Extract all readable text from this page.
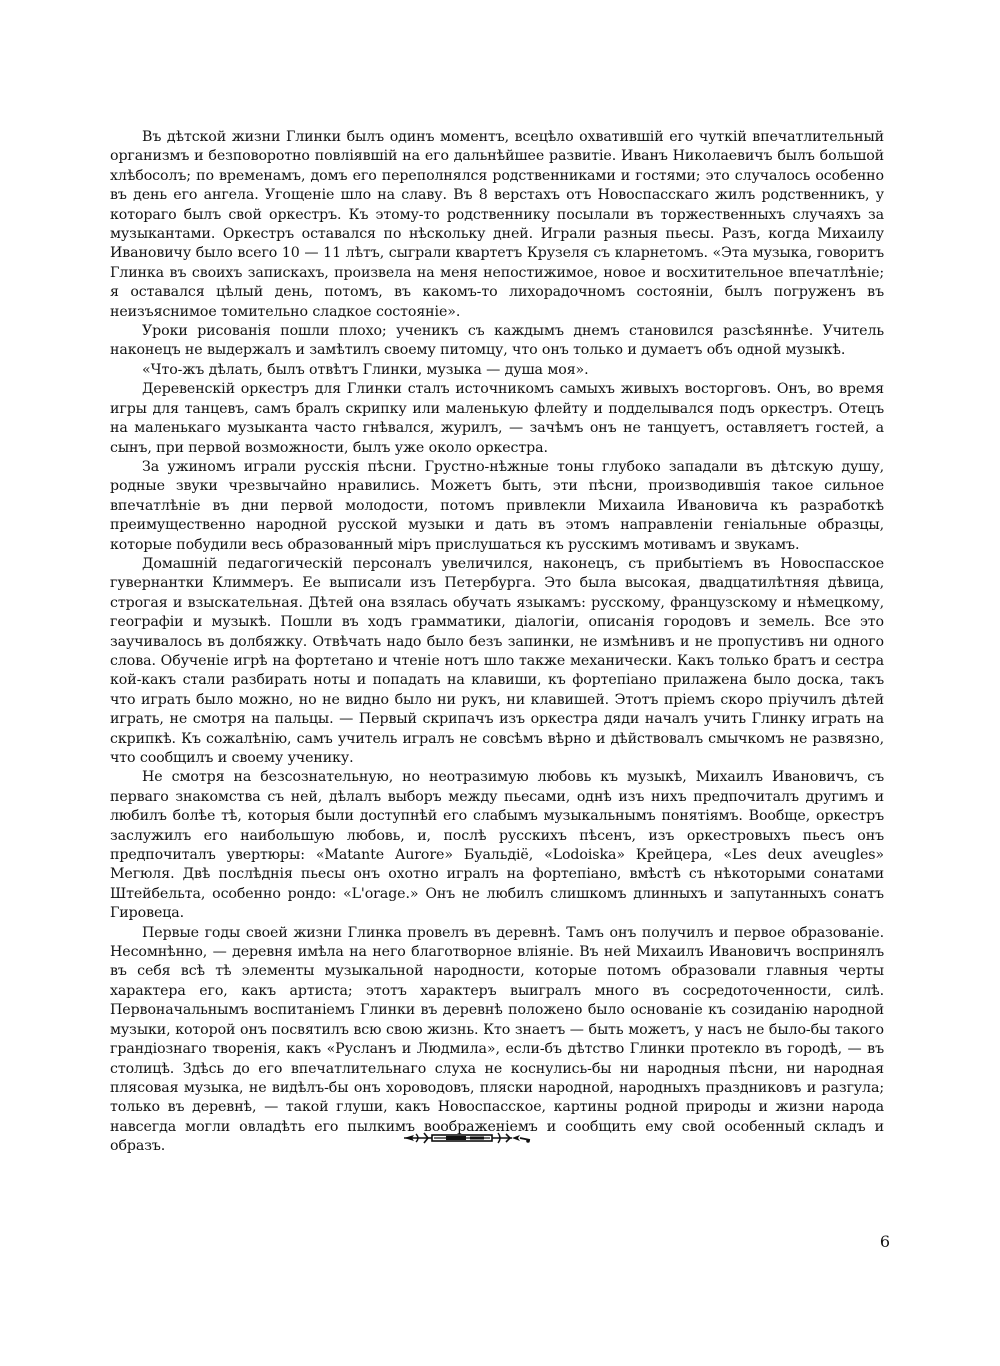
Въ дѣтской жизни Глинки былъ одинъ моментъ, всецѣло охватившій его чуткій впечатлительный организмъ и безповоротно повліявшій на его дальнѣйшее развитіе. Иванъ Николаевичъ былъ большой хлѣбосолъ; по временамъ, домъ его переполнялся родственниками и гостями; это случалось особенно въ день его ангела. Угощеніе шло на славу. Въ 8 верстахъ отъ Новоспасскаго жилъ родственникъ, у котораго былъ свой оркестръ. Къ этому-то родственнику посылали въ торжественныхъ случаяхъ за музыкантами. Оркестръ оставался по нѣскольку дней. Играли разныя пьесы. Разъ, когда Михаилу Ивановичу было всего 10 — 11 лѣтъ, сыграли квартетъ Крузеля съ кларнетомъ. «Эта музыка, говоритъ Глинка въ своихъ запискахъ, произвела на меня непостижимое, новое и восхитительное впечатлѣніе; я оставался цѣлый день, потомъ, въ какомъ-то лихорадочномъ состояніи, былъ погруженъ въ неизъяснимое томительно сладкое состояніе».

Уроки рисованія пошли плохо; ученикъ съ каждымъ днемъ становился разсѣяннѣе. Учитель наконецъ не выдержалъ и замѣтилъ своему питомцу, что онъ только и думаетъ объ одной музыкѣ.

«Что-жъ дѣлать, былъ отвѣтъ Глинки, музыка — душа моя».

Деревенскій оркестръ для Глинки сталъ источникомъ самыхъ живыхъ восторговъ. Онъ, во время игры для танцевъ, самъ бралъ скрипку или маленькую флейту и подделывался подъ оркестръ. Отецъ на маленькаго музыканта часто гнѣвался, журилъ, — зачѣмъ онъ не танцуетъ, оставляетъ гостей, а сынъ, при первой возможности, былъ уже около оркестра.

За ужиномъ играли русскія пѣсни. Грустно-нѣжные тоны глубоко западали въ дѣтскую душу, родные звуки чрезвычайно нравились. Можетъ быть, эти пѣсни, производившія такое сильное впечатлѣніе въ дни первой молодости, потомъ привлекли Михаила Ивановича къ разработкѣ преимущественно народной русской музыки и дать въ этомъ направленіи геніальные образцы, которые побудили весь образованный міръ прислушаться къ русскимъ мотивамъ и звукамъ.

Домашній педагогическій персоналъ увеличился, наконецъ, съ прибытіемъ въ Новоспасское гувернантки Климмеръ. Ее выписали изъ Петербурга. Это была высокая, двадцатилѣтняя дѣвица, строгая и взыскательная. Дѣтей она взялась обучать языкамъ: русскому, французскому и нѣмецкому, географіи и музыкѣ. Пошли въ ходъ грамматики, діалогіи, описанія городовъ и земель. Все это заучивалось въ долбяжку. Отвѣчать надо было безъ запинки, не измѣнивъ и не пропустивъ ни одного слова. Обученіе игрѣ на фортетано и чтеніе нотъ шло также механически. Какъ только братъ и сестра кой-какъ стали разбирать ноты и попадать на клавиши, къ фортепіано прилажена было доска, такъ что играть было можно, но не видно было ни рукъ, ни клавишей. Этотъ пріемъ скоро пріучилъ дѣтей играть, не смотря на пальцы. — Первый скрипачъ изъ оркестра дяди началъ учить Глинку играть на скрипкѣ. Къ сожалѣнію, самъ учитель игралъ не совсѣмъ вѣрно и дѣйствовалъ смычкомъ не развязно, что сообщилъ и своему ученику.

Не смотря на безсознательную, но неотразимую любовь къ музыкѣ, Михаилъ Ивановичъ, съ перваго знакомства съ ней, дѣлалъ выборъ между пьесами, однѣ изъ нихъ предпочиталъ другимъ и любилъ болѣе тѣ, которыя были доступнѣй его слабымъ музыкальнымъ понятіямъ. Вообще, оркестръ заслужилъ его наибольшую любовь, и, послѣ русскихъ пѣсенъ, изъ оркестровыхъ пьесъ онъ предпочиталъ увертюры: «Matante Aurore» Буальдіё, «Lodoiska» Крейцера, «Les deux aveugles» Мегюля. Двѣ послѣднія пьесы онъ охотно игралъ на фортепіано, вмѣстѣ съ нѣкоторыми сонатами Штейбельта, особенно рондо: «L'orage.» Онъ не любилъ слишкомъ длинныхъ и запутанныхъ сонатъ Гировеца.

Первые годы своей жизни Глинка провелъ въ деревнѣ. Тамъ онъ получилъ и первое образованіе. Несомнѣнно, — деревня имѣла на него благотворное вліяніе. Въ ней Михаилъ Ивановичъ воспринялъ въ себя всѣ тѣ элементы музыкальной народности, которые потомъ образовали главныя черты характера его, какъ артиста; этотъ характеръ выигралъ много въ сосредоточенности, силѣ. Первоначальнымъ воспитаніемъ Глинки въ деревнѣ положено было основаніе къ созиданію народной музыки, которой онъ посвятилъ всю свою жизнь. Кто знаетъ — быть можетъ, у насъ не было-бы такого грандіознаго творенія, какъ «Русланъ и Людмила», если-бъ дѣтство Глинки протекло въ городѣ, — въ столицѣ. Здѣсь до его впечатлительнаго слуха не коснулись-бы ни народныя пѣсни, ни народная плясовая музыка, не видѣлъ-бы онъ хороводовъ, пляски народной, народныхъ праздниковъ и разгула; только въ деревнѣ, — такой глуши, какъ Новоспасское, картины родной природы и жизни народа навсегда могли овладѣть его пылкимъ воображеніемъ и сообщить ему свой особенный складъ и образъ.

6
